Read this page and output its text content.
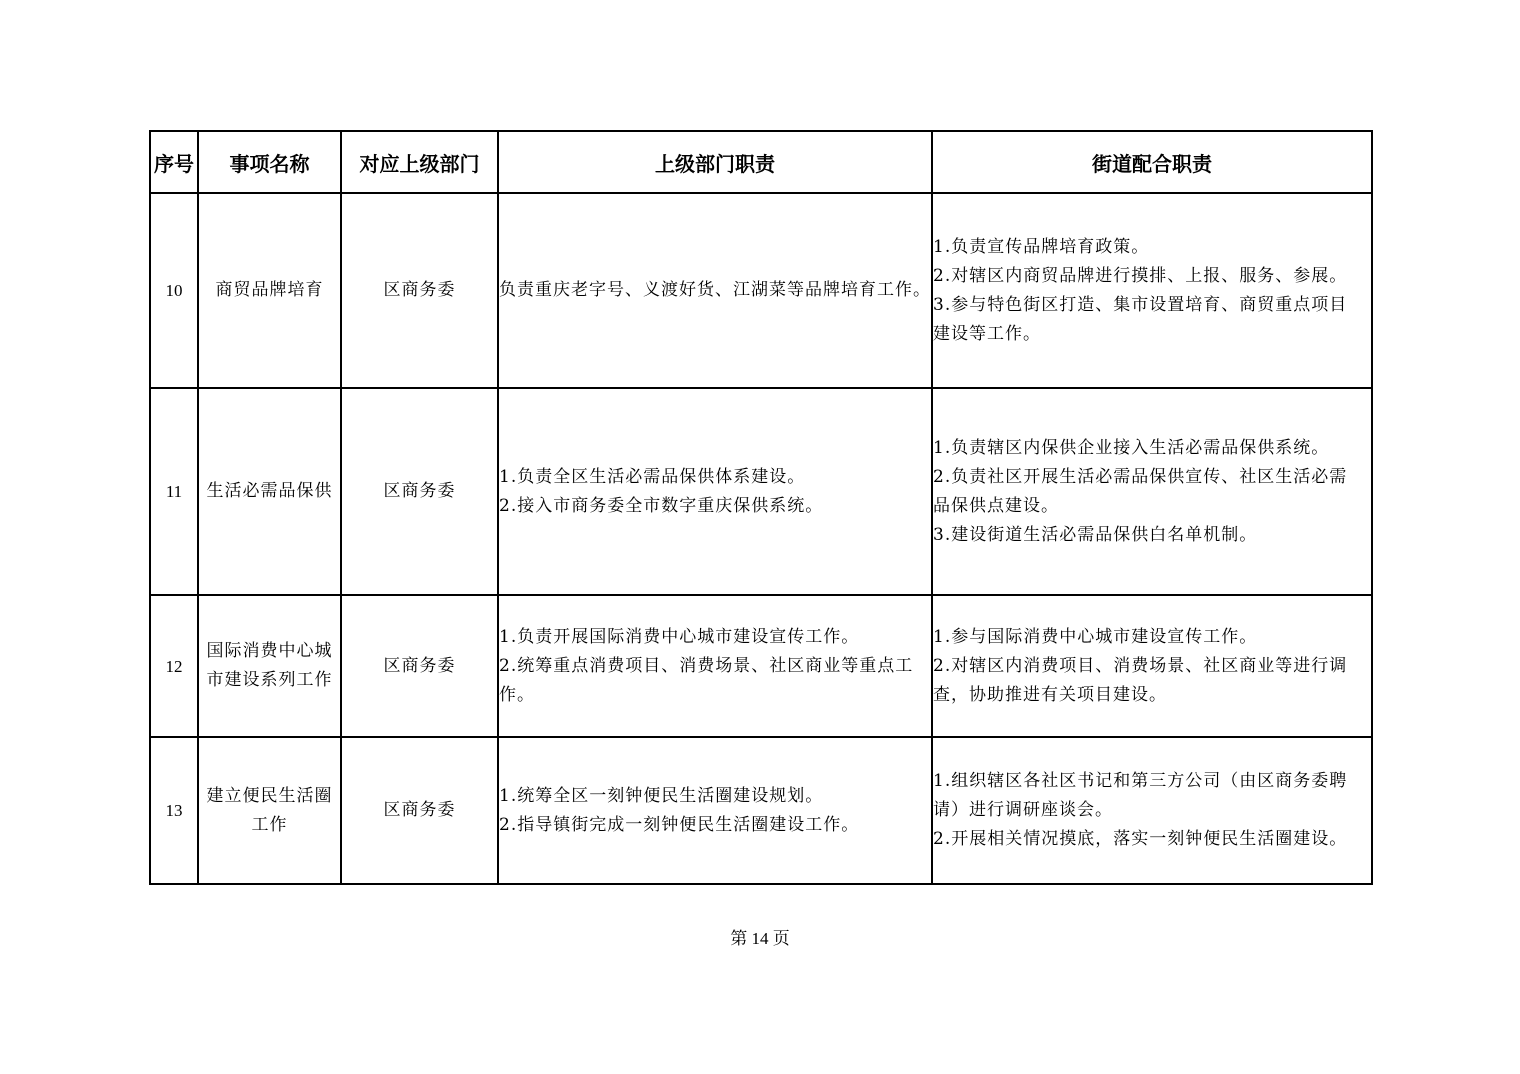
序号	事项名称	对应上级部门	上级部门职责	街道配合职责
10	商贸品牌培育	区商务委	负责重庆老字号、义渡好货、江湖菜等品牌培育工作。	1.负责宣传品牌培育政策。
2.对辖区内商贸品牌进行摸排、上报、服务、参展。
3.参与特色街区打造、集市设置培育、商贸重点项目
建设等工作。

11	生活必需品保供	区商务委	1.负责全区生活必需品保供体系建设。
2.接入市商务委全市数字重庆保供系统。	1.负责辖区内保供企业接入生活必需品保供系统。
2.负责社区开展生活必需品保供宣传、社区生活必需
品保供点建设。
3.建设街道生活必需品保供白名单机制。

12	国际消费中心城
市建设系列工作	区商务委	1.负责开展国际消费中心城市建设宣传工作。
2.统筹重点消费项目、消费场景、社区商业等重点工
作。	1.参与国际消费中心城市建设宣传工作。
2.对辖区内消费项目、消费场景、社区商业等进行调
查，协助推进有关项目建设。

13	建立便民生活圈
工作	区商务委	1.统筹全区一刻钟便民生活圈建设规划。
2.指导镇街完成一刻钟便民生活圈建设工作。	1.组织辖区各社区书记和第三方公司（由区商务委聘
请）进行调研座谈会。
2.开展相关情况摸底，落实一刻钟便民生活圈建设。
第 14 页
